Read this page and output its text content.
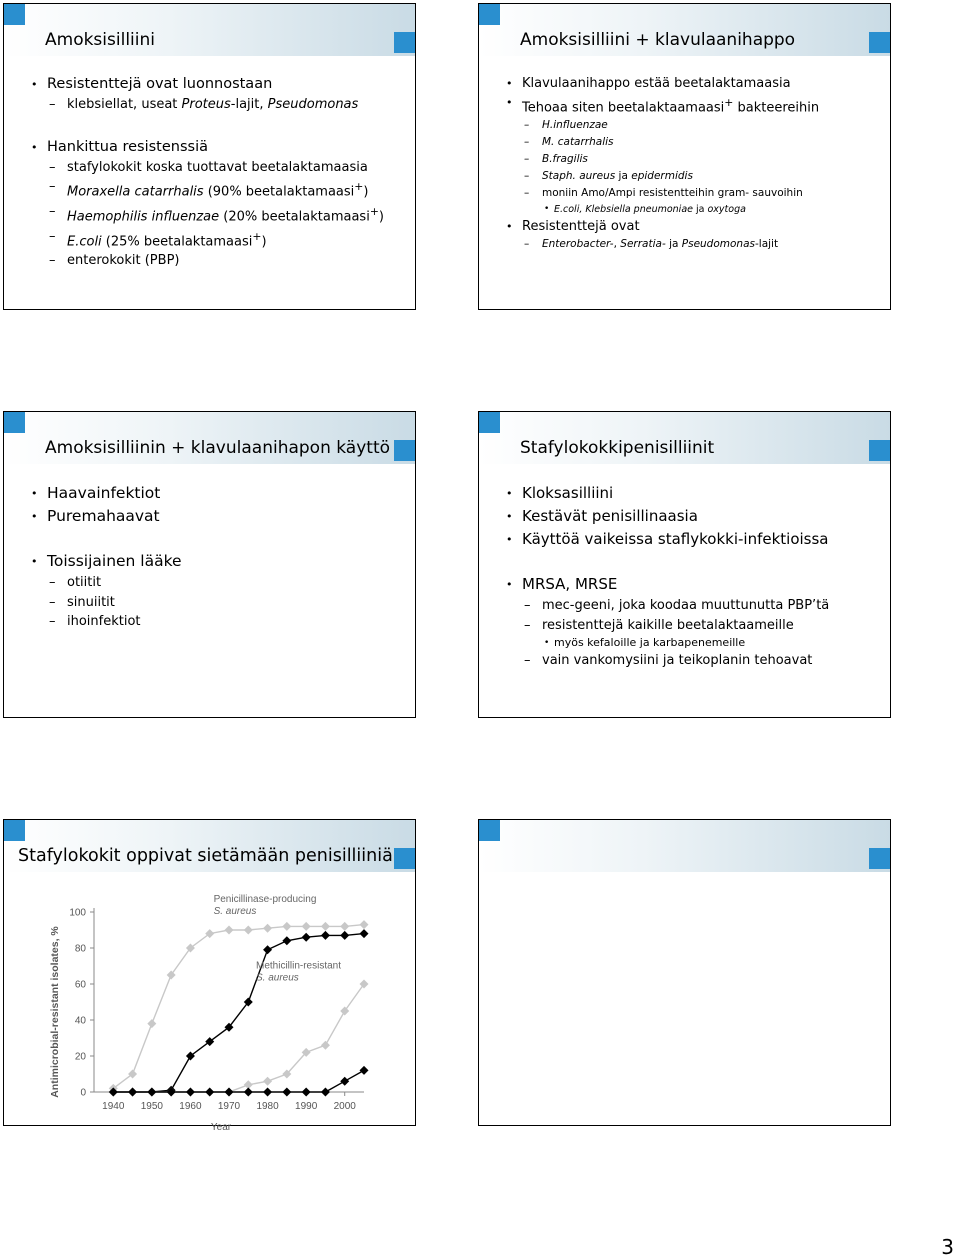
Amoksisilliini
• Resistenttejä ovat luonnostaan
– klebsiellat, useat Proteus-lajit, Pseudomonas
• Hankittua resistenssiä
– stafylokokit koska tuottavat beetalaktamaasia
– Moraxella catarrhalis (90% beetalaktamaasi+)
– Haemophilis influenzae (20% beetalaktamaasi+)
– E.coli (25% beetalaktamaasi+)
– enterokokit (PBP)
Amoksisilliini + klavulaanihappo
• Klavulaanihappo estää beetalaktamaasia
• Tehoaa siten beetalaktaamaasi+ bakteereihin
– H.influenzae
– M. catarrhalis
– B.fragilis
– Staph. aureus ja epidermidis
– moniin Amo/Ampi resistentteihin gram- sauvoihin
• E.coli, Klebsiella pneumoniae ja oxytoga
• Resistenttejä ovat
– Enterobacter-, Serratia- ja Pseudomonas-lajit
Amoksisilliinin + klavulaanihapon käyttö
• Haavainfektiot
• Puremahaavat
• Toissijainen lääke
– otiitit
– sinuiitit
– ihoinfektiot
Stafylokokkipenisilliinit
• Kloksasilliini
• Kestävät penisillinaasia
• Käyttöä vaikeissa staflykokki-infektioissa
• MRSA, MRSE
– mec-geeni, joka koodaa muuttunutta PBP’tä
– resistenttejä kaikille beetalaktaameille
• myös kefaloille ja karbapenemeille
– vain vankomysiini ja teikoplanin tehoavat
Stafylokokit oppivat sietämään penisilliiniä
0
20
40
60
80
100
1940 1950 1960 1970 1980 1990 2000
Year
Antimicrobial-resistant isolates, %
Penicillinase-producing
S. aureus
Methicillin-resistant
S. aureus
3
